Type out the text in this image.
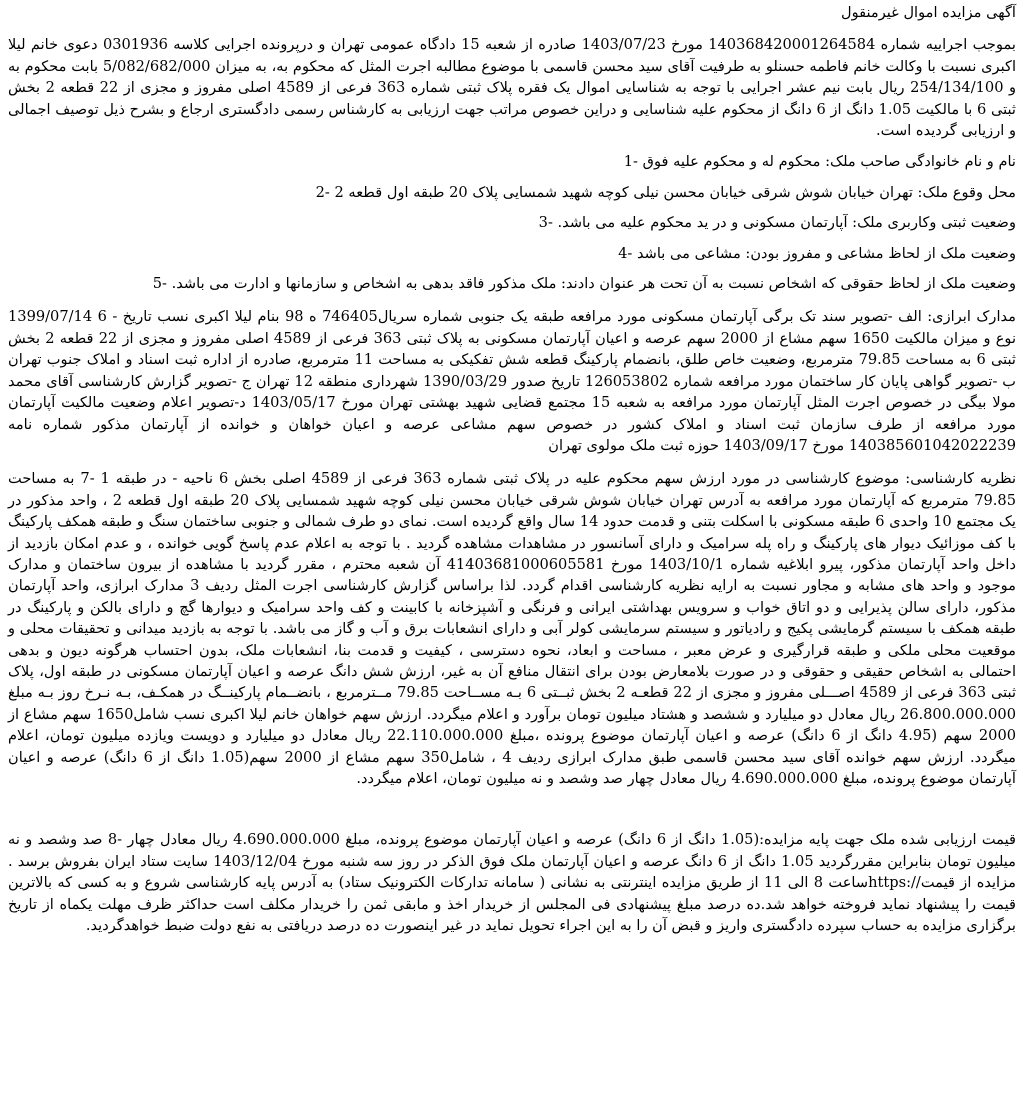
آگهی مزایده اموال غیرمنقول

بموجب اجراییه شماره 140368420001264584 مورخ 1403/07/23 صادره از شعبه 15 دادگاه عمومی تهران و درپرونده اجرایی کلاسه 0301936 دعوی خانم لیلا اکبری نسبت با وکالت خانم فاطمه حسنلو به طرفیت آقای سید محسن قاسمی با موضوع مطالبه اجرت المثل که محکوم به، به میزان 5/082/682/000 بابت محکوم به و 254/134/100 ریال بابت نیم عشر اجرایی با توجه به شناسایی اموال یک فقره پلاک ثبتی شماره 363 فرعی از 4589 اصلی مفروز و مجزی از 22 قطعه 2 بخش ثبتی 6 با مالکیت 1.05 دانگ از 6 دانگ از محکوم علیه شناسایی و دراین خصوص مراتب جهت ارزیابی به کارشناس رسمی دادگستری ارجاع و بشرح ذیل توصیف اجمالی و ارزیابی گردیده است.

نام و نام خانوادگی صاحب ملک: محکوم له و محکوم علیه فوق -1
محل وقوع ملک: تهران خیابان شوش شرقی خیابان محسن نیلی کوچه شهید شمسایی پلاک 20 طبقه اول قطعه 2 -2
وضعیت ثبتی وکاربری ملک: آپارتمان مسکونی و در ید محکوم علیه می باشد. -3
وضعیت ملک از لحاظ مشاعی و مفروز بودن: مشاعی می باشد -4
وضعیت ملک از لحاظ حقوقی که اشخاص نسبت به آن تحت هر عنوان دادند: ملک مذکور فاقد بدهی به اشخاص و سازمانها و ادارت می باشد. -5

مدارک ابرازی: الف -تصویر سند تک برگی آپارتمان مسکونی مورد مرافعه طبقه یک جنوبی شماره سریال746405 ه 98 بنام لیلا اکبری نسب تاریخ - 6 1399/07/14 نوع و میزان مالکیت 1650 سهم مشاع از 2000 سهم عرصه و اعیان آپارتمان مسکونی به پلاک ثبتی 363 فرعی از 4589 اصلی مفروز و مجزی از 22 قطعه 2 بخش ثبتی 6 به مساحت 79.85 مترمربع، وضعیت خاص طلق، بانضمام پارکینگ قطعه شش تفکیکی به مساحت 11 مترمربع، صادره از اداره ثبت اسناد و املاک جنوب تهران ب -تصویر گواهی پایان کار ساختمان مورد مرافعه شماره 126053802 تاریخ صدور 1390/03/29 شهرداری منطقه 12 تهران ج -تصویر گزارش کارشناسی آقای محمد مولا بیگی در خصوص اجرت المثل آپارتمان مورد مرافعه به شعبه 15 مجتمع قضایی شهید بهشتی تهران مورخ 1403/05/17 د-تصویر اعلام وضعیت مالکیت آپارتمان مورد مرافعه از طرف سازمان ثبت اسناد و املاک کشور در خصوص سهم مشاعی عرصه و اعیان خواهان و خوانده از آپارتمان مذکور شماره نامه 140385601042022239 مورخ 1403/09/17 حوزه ثبت ملک مولوی تهران

نظریه کارشناسی: موضوع کارشناسی در مورد ارزش سهم محکوم علیه در پلاک ثبتی شماره 363 فرعی از 4589 اصلی بخش 6 ناحیه - در طبقه 1 -7 به مساحت 79.85 مترمربع که آپارتمان مورد مرافعه به آدرس تهران خیابان شوش شرقی خیابان محسن نیلی کوچه شهید شمسایی پلاک 20 طبقه اول قطعه 2 ، واحد مذکور در یک مجتمع 10 واحدی 6 طبقه مسکونی با اسکلت بتنی و قدمت حدود 14 سال واقع گردیده است. نمای دو طرف شمالی و جنوبی ساختمان سنگ و طبقه همکف پارکینگ با کف موزائیک دیوار های پارکینگ و راه پله سرامیک و دارای آسانسور در مشاهدات مشاهده گردید . با توجه به اعلام عدم پاسخ گویی خوانده ، و عدم امکان بازدید از داخل واحد آپارتمان مذکور، پیرو ابلاغیه شماره 1403/10/1 مورخ 41403681000605581 آن شعبه محترم ، مقرر گردید با مشاهده از بیرون ساختمان و مدارک موجود و واحد های مشابه و مجاور نسبت به ارایه نظریه کارشناسی اقدام گردد. لذا براساس گزارش کارشناسی اجرت المثل ردیف 3 مدارک ابرازی، واحد آپارتمان مذکور، دارای سالن پذیرایی و دو اتاق خواب و سرویس بهداشتی ایرانی و فرنگی و آشپزخانه با کابینت و کف واحد سرامیک و دیوارها گچ و دارای بالکن و پارکینگ در طبقه همکف با سیستم گرمایشی پکیج و رادیاتور و سیستم سرمایشی کولر آبی و دارای انشعابات برق و آب و گاز می باشد. با توجه به بازدید میدانی و تحقیقات محلی و موقعیت محلی ملکی و طبقه قرارگیری و عرض معبر ، مساحت و ابعاد، نحوه دسترسی ، کیفیت و قدمت بنا، انشعابات ملک، بدون احتساب هرگونه دیون و بدهی احتمالی به اشخاص حقیقی و حقوقی و در صورت بلامعارض بودن برای انتقال منافع آن به غیر، ارزش شش دانگ عرصه و اعیان آپارتمان مسکونی در طبقه اول، پلاک ثبتی 363 فرعی از 4589 اصـــلی مفروز و مجزی از 22 قطعـه 2 بخش ثبــتی 6 بـه مســاحت 79.85 مــترمربع ، بانضــمام پارکینــگ در همکـف، بـه نـرخ روز بـه مبلغ 26.800.000.000 ریال معادل دو میلیارد و ششصد و هشتاد میلیون تومان برآورد و اعلام میگردد. ارزش سهم خواهان خانم لیلا اکبری نسب شامل1650 سهم مشاع از 2000 سهم (4.95 دانگ از 6 دانگ) عرصه و اعیان آپارتمان موضوع پرونده ،مبلغ 22.110.000.000 ریال معادل دو میلیارد و دویست ویازده میلیون تومان، اعلام میگردد. ارزش سهم خوانده آقای سید محسن قاسمی طبق مدارک ابرازی ردیف 4 ، شامل350 سهم مشاع از 2000 سهم(1.05 دانگ از 6 دانگ) عرصه و اعیان آپارتمان موضوع پرونده، مبلغ 4.690.000.000 ریال معادل چهار صد وشصد و نه میلیون تومان، اعلام میگردد.

قیمت ارزیابی شده ملک جهت پایه مزایده:(1.05 دانگ از 6 دانگ) عرصه و اعیان آپارتمان موضوع پرونده، مبلغ 4.690.000.000 ریال معادل چهار -8 صد وشصد و نه میلیون تومان بنابراین مقررگردید 1.05 دانگ از 6 دانگ عرصه و اعیان آپارتمان ملک فوق الذکر در روز سه شنبه مورخ 1403/12/04 سایت ستاد ایران بفروش برسد . مزایده از قیمت//:httpsساعت 8 الی 11 از طریق مزایده اینترنتی به نشانی ( سامانه تدارکات الکترونیک ستاد) به آدرس پایه کارشناسی شروع و به کسی که بالاترین قیمت را پیشنهاد نماید فروخته خواهد شد.ده درصد مبلغ پیشنهادی فی المجلس از خریدار اخذ و مابقی ثمن را خریدار مکلف است حداکثر ظرف مهلت یکماه از تاریخ برگزاری مزایده به حساب سپرده دادگستری واریز و قبض آن را به این اجراء تحویل نماید در غیر اینصورت ده درصد دریافتی به نفع دولت ضبط خواهدگردید.
